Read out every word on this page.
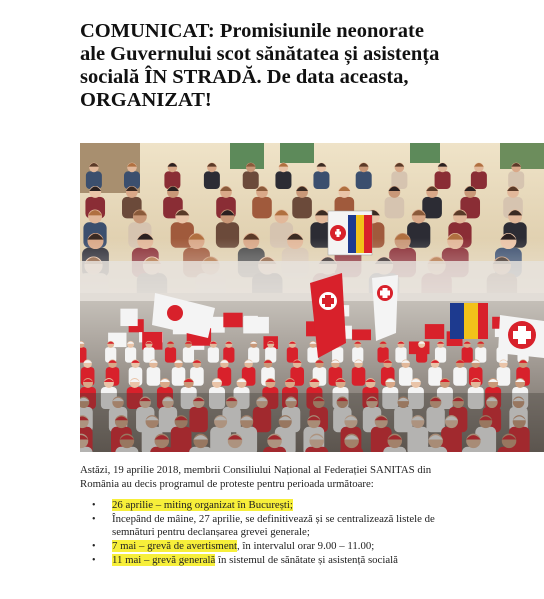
COMUNICAT: Promisiunile neonorate
ale Guvernului scot sănătatea și asistența
socială ÎN STRADĂ. De data aceasta,
ORGANIZAT!
Astăzi, 19 aprilie 2018, membrii Consiliului Național al Federației SANITAS din
România au decis programul de proteste pentru perioada următoare:
• 26 aprilie – miting organizat în București;
• Începând de mâine, 27 aprilie, se definitivează și se centralizează listele de
semnături pentru declanșarea grevei generale;
• 7 mai – grevă de avertisment, în intervalul orar 9.00 – 11.00;
• 11 mai – grevă generală în sistemul de sănătate și asistență socială
